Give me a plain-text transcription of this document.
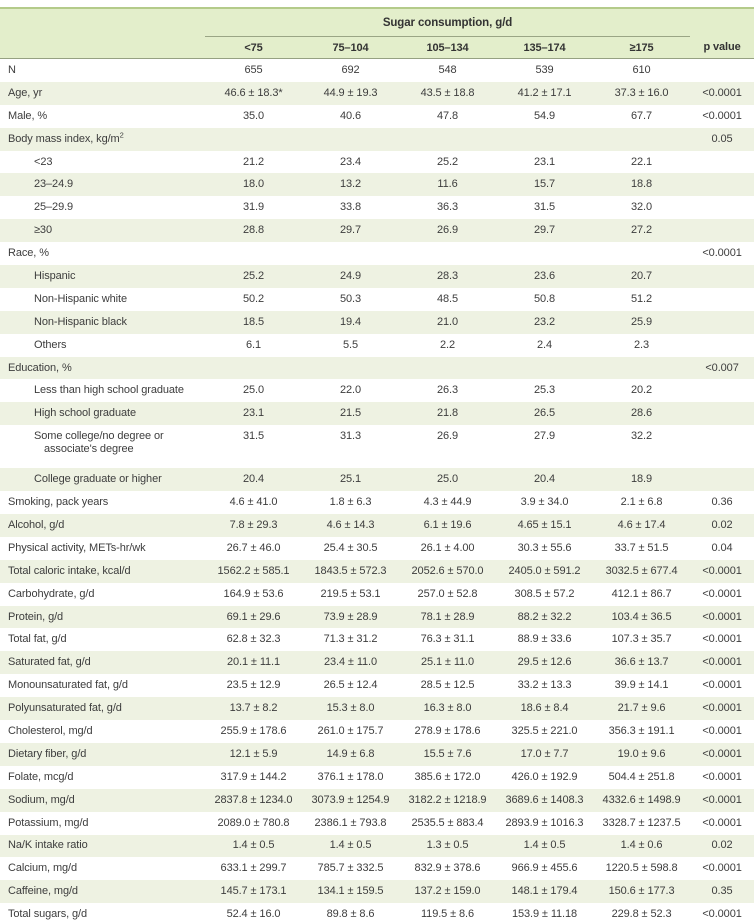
	Sugar consumption, g/d					
	<75	75–104	105–134	135–174	≥175	p value
N	655	692	548	539	610	
Age, yr	46.6 ± 18.3*	44.9 ± 19.3	43.5 ± 18.8	41.2 ± 17.1	37.3 ± 16.0	<0.0001
Male, %	35.0	40.6	47.8	54.9	67.7	<0.0001
Body mass index, $kg/m^2$						0.05
<23	21.2	23.4	25.2	23.1	22.1	
23–24.9	18.0	13.2	11.6	15.7	18.8	
25–29.9	31.9	33.8	36.3	31.5	32.0	
≥30	28.8	29.7	26.9	29.7	27.2	
Race, %						<0.0001
Hispanic	25.2	24.9	28.3	23.6	20.7	
Non-Hispanic white	50.2	50.3	48.5	50.8	51.2	
Non-Hispanic black	18.5	19.4	21.0	23.2	25.9	
Others	6.1	5.5	2.2	2.4	2.3	
Education, %						<0.007
Less than high school graduate	25.0	22.0	26.3	25.3	20.2	
High school graduate	23.1	21.5	21.8	26.5	28.6	
Some college/no degree or
associate's degree	31.5	31.3	26.9	27.9	32.2	
College graduate or higher	20.4	25.1	25.0	20.4	18.9	
Smoking, pack years	4.6 ± 41.0	1.8 ± 6.3	4.3 ± 44.9	3.9 ± 34.0	2.1 ± 6.8	0.36
Alcohol, g/d	7.8 ± 29.3	4.6 ± 14.3	6.1 ± 19.6	4.65 ± 15.1	4.6 ± 17.4	0.02
Physical activity, METs-hr/wk	26.7 ± 46.0	25.4 ± 30.5	26.1 ± 4.00	30.3 ± 55.6	33.7 ± 51.5	0.04
Total caloric intake, kcal/d	1562.2 ± 585.1	1843.5 ± 572.3	2052.6 ± 570.0	2405.0 ± 591.2	3032.5 ± 677.4	<0.0001
Carbohydrate, g/d	164.9 ± 53.6	219.5 ± 53.1	257.0 ± 52.8	308.5 ± 57.2	412.1 ± 86.7	<0.0001
Protein, g/d	69.1 ± 29.6	73.9 ± 28.9	78.1 ± 28.9	88.2 ± 32.2	103.4 ± 36.5	<0.0001
Total fat, g/d	62.8 ± 32.3	71.3 ± 31.2	76.3 ± 31.1	88.9 ± 33.6	107.3 ± 35.7	<0.0001
Saturated fat, g/d	20.1 ± 11.1	23.4 ± 11.0	25.1 ± 11.0	29.5 ± 12.6	36.6 ± 13.7	<0.0001
Monounsaturated fat, g/d	23.5 ± 12.9	26.5 ± 12.4	28.5 ± 12.5	33.2 ± 13.3	39.9 ± 14.1	<0.0001
Polyunsaturated fat, g/d	13.7 ± 8.2	15.3 ± 8.0	16.3 ± 8.0	18.6 ± 8.4	21.7 ± 9.6	<0.0001
Cholesterol, mg/d	255.9 ± 178.6	261.0 ± 175.7	278.9 ± 178.6	325.5 ± 221.0	356.3 ± 191.1	<0.0001
Dietary fiber, g/d	12.1 ± 5.9	14.9 ± 6.8	15.5 ± 7.6	17.0 ± 7.7	19.0 ± 9.6	<0.0001
Folate, mcg/d	317.9 ± 144.2	376.1 ± 178.0	385.6 ± 172.0	426.0 ± 192.9	504.4 ± 251.8	<0.0001
Sodium, mg/d	2837.8 ± 1234.0	3073.9 ± 1254.9	3182.2 ± 1218.9	3689.6 ± 1408.3	4332.6 ± 1498.9	<0.0001
Potassium, mg/d	2089.0 ± 780.8	2386.1 ± 793.8	2535.5 ± 883.4	2893.9 ± 1016.3	3328.7 ± 1237.5	<0.0001
Na/K intake ratio	1.4 ± 0.5	1.4 ± 0.5	1.3 ± 0.5	1.4 ± 0.5	1.4 ± 0.6	0.02
Calcium, mg/d	633.1 ± 299.7	785.7 ± 332.5	832.9 ± 378.6	966.9 ± 455.6	1220.5 ± 598.8	<0.0001
Caffeine, mg/d	145.7 ± 173.1	134.1 ± 159.5	137.2 ± 159.0	148.1 ± 179.4	150.6 ± 177.3	0.35
Total sugars, g/d	52.4 ± 16.0	89.8 ± 8.6	119.5 ± 8.6	153.9 ± 11.18	229.8 ± 52.3	<0.0001
